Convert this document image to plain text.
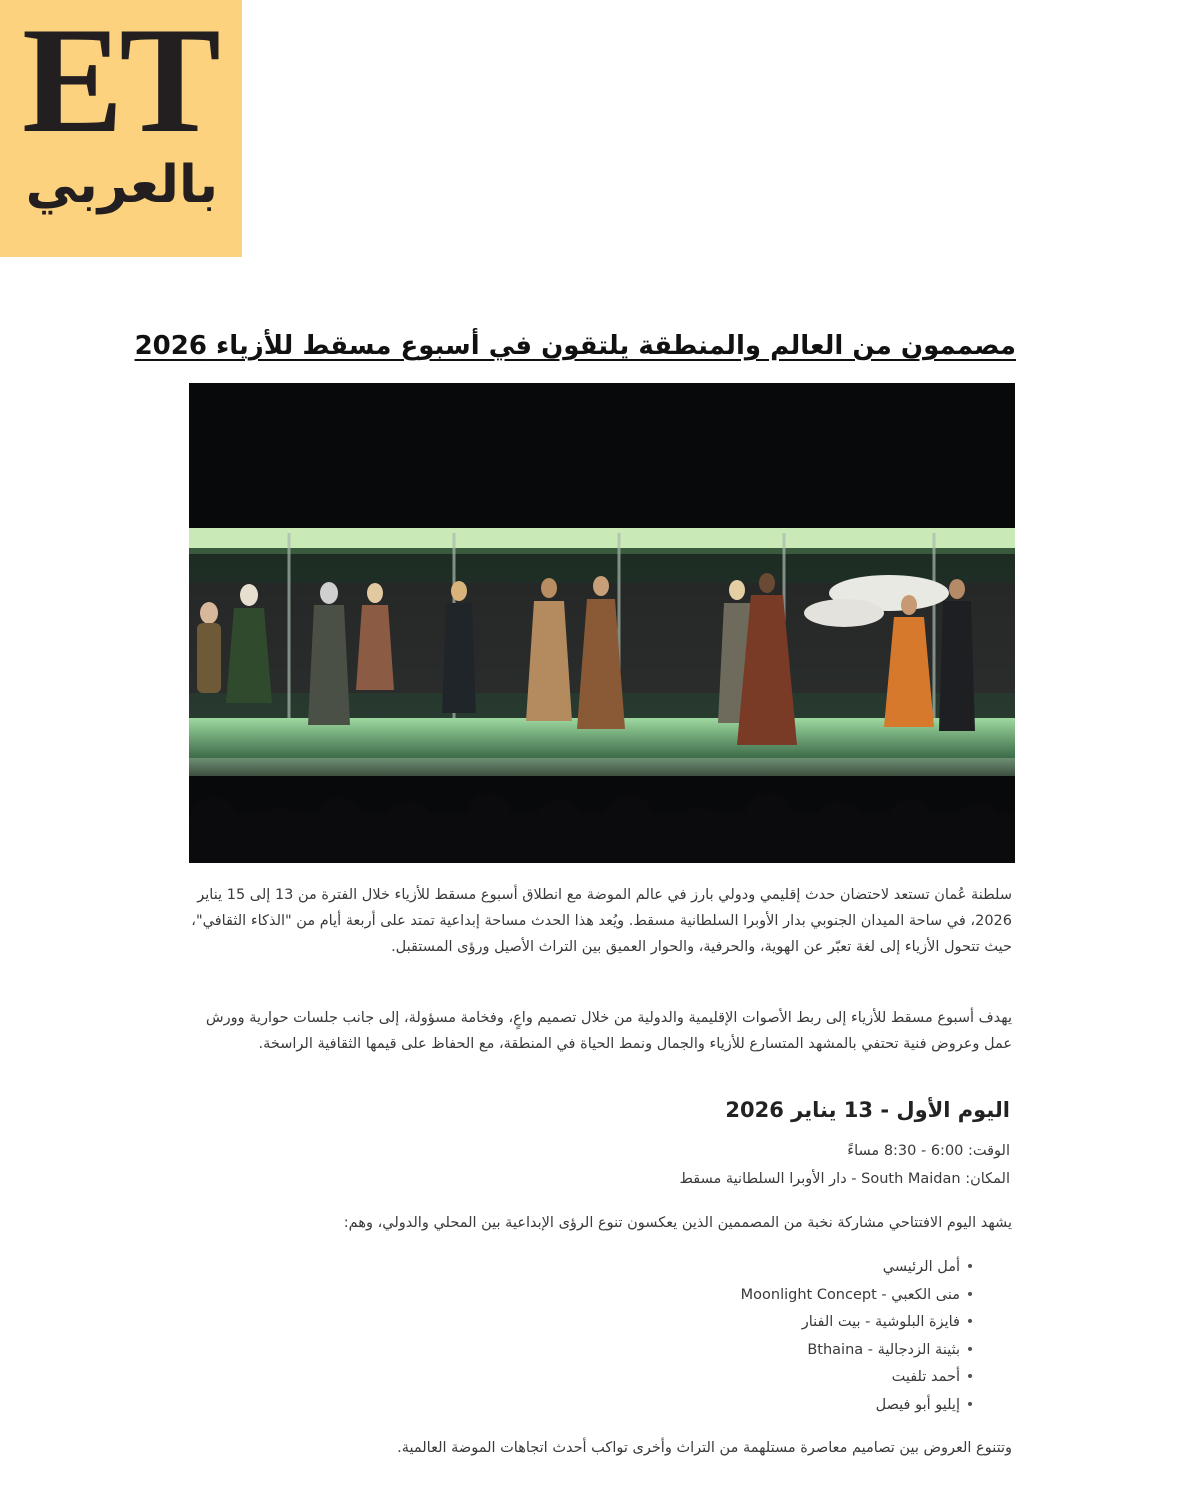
ET
بالعربي
مصممون من العالم والمنطقة يلتقون في أسبوع مسقط للأزياء 2026

سلطنة عُمان تستعد لاحتضان حدث إقليمي ودولي بارز في عالم الموضة مع انطلاق أسبوع مسقط للأزياء خلال الفترة من 13 إلى 15 يناير 2026، في ساحة الميدان الجنوبي بدار الأوبرا السلطانية مسقط. ويُعد هذا الحدث مساحة إبداعية تمتد على أربعة أيام من "الذكاء الثقافي"، حيث تتحول الأزياء إلى لغة تعبّر عن الهوية، والحرفية، والحوار العميق بين التراث الأصيل ورؤى المستقبل.

يهدف أسبوع مسقط للأزياء إلى ربط الأصوات الإقليمية والدولية من خلال تصميم واعٍ، وفخامة مسؤولة، إلى جانب جلسات حوارية وورش عمل وعروض فنية تحتفي بالمشهد المتسارع للأزياء والجمال ونمط الحياة في المنطقة، مع الحفاظ على قيمها الثقافية الراسخة.

اليوم الأول - 13 يناير 2026
الوقت: 6:00 - 8:30 مساءً
المكان: South Maidan - دار الأوبرا السلطانية مسقط

يشهد اليوم الافتتاحي مشاركة نخبة من المصممين الذين يعكسون تنوع الرؤى الإبداعية بين المحلي والدولي، وهم:

•أمل الرئيسي
•منى الكعبي - Moonlight Concept
•فايزة البلوشية - بيت الفنار
•بثينة الزدجالية - Bthaina
•أحمد تلفيت
•إيليو أبو فيصل

وتتنوع العروض بين تصاميم معاصرة مستلهمة من التراث وأخرى تواكب أحدث اتجاهات الموضة العالمية.
